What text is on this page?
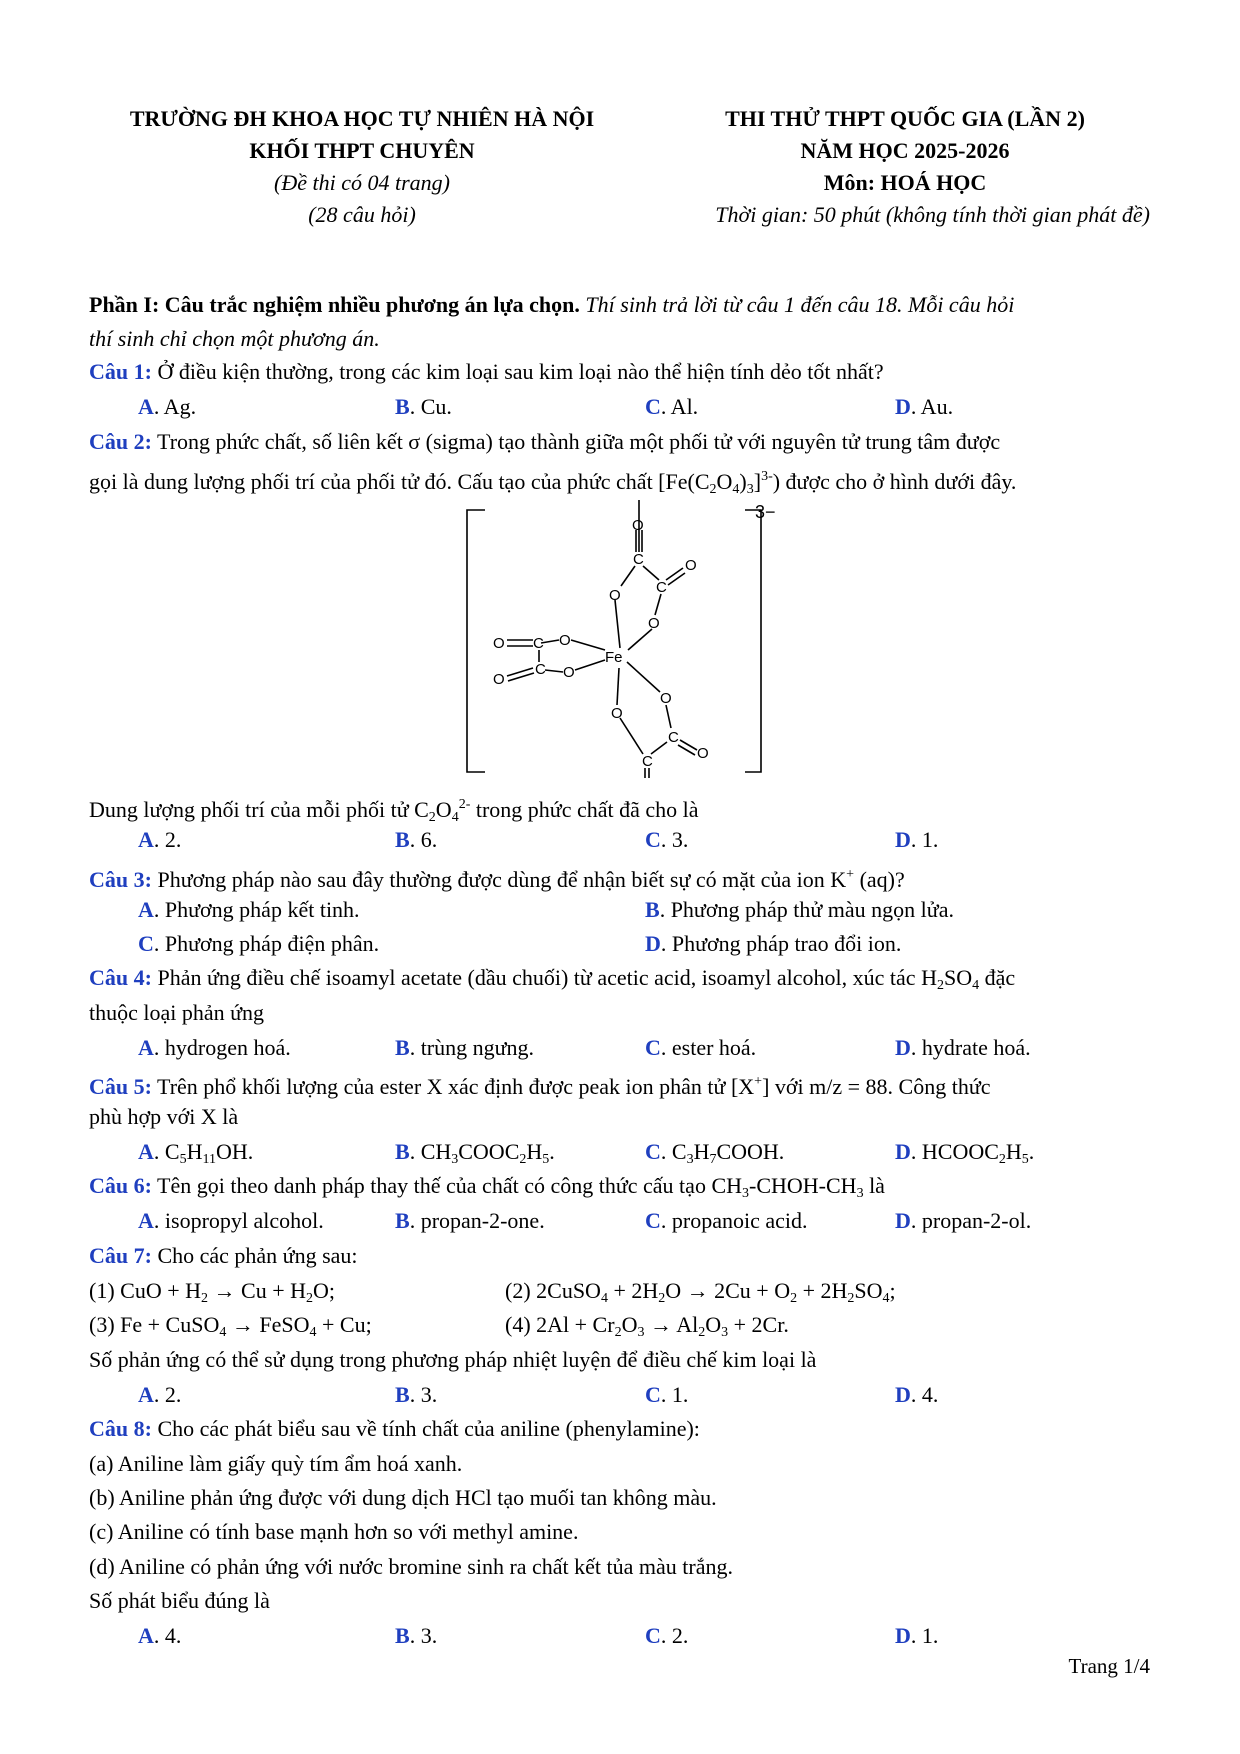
TRƯỜNG ĐH KHOA HỌC TỰ NHIÊN HÀ NỘI
KHỐI THPT CHUYÊN
(Đề thi có 04 trang)
(28 câu hỏi)
THI THỬ THPT QUỐC GIA (LẦN 2)
NĂM HỌC 2025-2026
Môn: HOÁ HỌC
Thời gian: 50 phút (không tính thời gian phát đề)
Phần I: Câu trắc nghiệm nhiều phương án lựa chọn. Thí sinh trả lời từ câu 1 đến câu 18. Mỗi câu hỏi
thí sinh chỉ chọn một phương án.
Câu 1: Ở điều kiện thường, trong các kim loại sau kim loại nào thể hiện tính dẻo tốt nhất?
A. Ag.	B. Cu.	C. Al.	D. Au.
Câu 2: Trong phức chất, số liên kết σ (sigma) tạo thành giữa một phối tử với nguyên tử trung tâm được
gọi là dung lượng phối trí của phối tử đó. Cấu tạo của phức chất $[Fe(C_2O_4)_3]^{3-}$) được cho ở hình dưới đây.
O
C	O
C
O
O
O C O
Fe
O
C O
O
C
O
O
C
3−
Dung lượng phối trí của mỗi phối tử $C_2O_4^{2-}$ trong phức chất đã cho là
A. 2.	B. 6.	C. 3.	D. 1.
Câu 3: Phương pháp nào sau đây thường được dùng để nhận biết sự có mặt của ion K+ (aq)?
A. Phương pháp kết tinh.	B. Phương pháp thử màu ngọn lửa.
C. Phương pháp điện phân.	D. Phương pháp trao đổi ion.
Câu 4: Phản ứng điều chế isoamyl acetate (dầu chuối) từ acetic acid, isoamyl alcohol, xúc tác $H_2SO_4$ đặc
thuộc loại phản ứng
A. hydrogen hoá.	B. trùng ngưng.	C. ester hoá.	D. hydrate hoá.
Câu 5: Trên phổ khối lượng của ester X xác định được peak ion phân tử [X+] với m/z = 88. Công thức
phù hợp với X là
A. $C_5H_{11}OH$.	B. $CH_3COOC_2H_5$.	C. $C_3H_7COOH$.	D. $HCOOC_2H_5$.
Câu 6: Tên gọi theo danh pháp thay thế của chất có công thức cấu tạo $CH_3-CHOH-CH_3$ là
A. isopropyl alcohol.	B. propan-2-one.	C. propanoic acid.	D. propan-2-ol.
Câu 7: Cho các phản ứng sau:
(1) CuO + $H_2 \to Cu + H_2O$;	(2) 2CuSO$_4$ + $2H_2O \to 2Cu + O_2 + 2H_2SO_4$;
(3) Fe + CuSO$_4$ → FeSO$_4$ + Cu;	(4) $2Al + Cr_2O_3 \to Al_2O_3 + 2Cr$.
Số phản ứng có thể sử dụng trong phương pháp nhiệt luyện để điều chế kim loại là
A. 2.	B. 3.	C. 1.	D. 4.
Câu 8: Cho các phát biểu sau về tính chất của aniline (phenylamine):
(a) Aniline làm giấy quỳ tím ẩm hoá xanh.
(b) Aniline phản ứng được với dung dịch HCl tạo muối tan không màu.
(c) Aniline có tính base mạnh hơn so với methyl amine.
(d) Aniline có phản ứng với nước bromine sinh ra chất kết tủa màu trắng.
Số phát biểu đúng là
A. 4.	B. 3.	C. 2.	D. 1.
Trang 1/4
